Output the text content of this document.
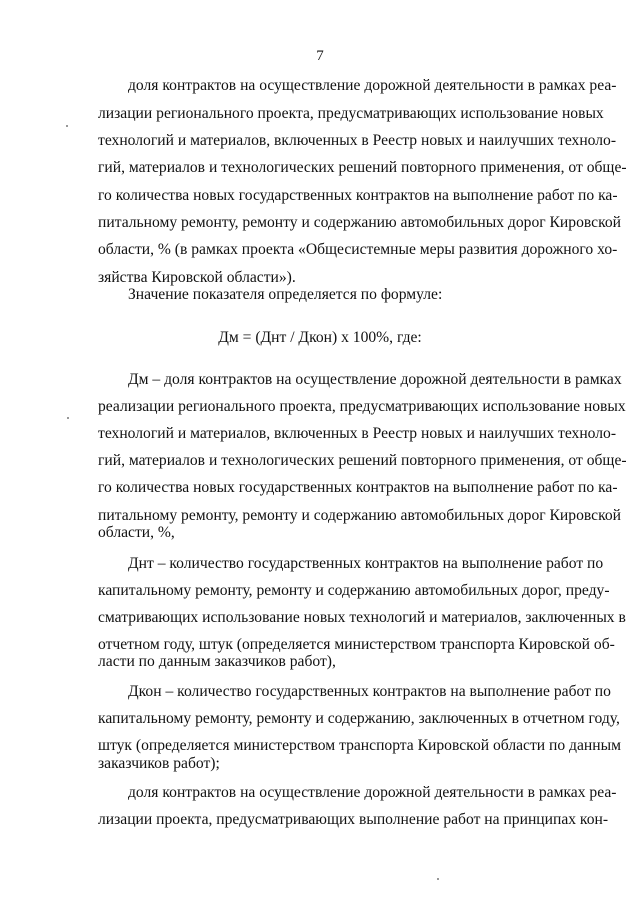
7
доля контрактов на осуществление дорожной деятельности в рамках реа-
лизации регионального проекта, предусматривающих использование новых
технологий и материалов, включенных в Реестр новых и наилучших техноло-
гий, материалов и технологических решений повторного применения, от обще-
го количества новых государственных контрактов на выполнение работ по ка-
питальному ремонту, ремонту и содержанию автомобильных дорог Кировской
области, % (в рамках проекта «Общесистемные меры развития дорожного хо-
зяйства Кировской области»).
Значение показателя определяется по формуле:
Дм = (Днт / Дкон) х 100%, где:
Дм – доля контрактов на осуществление дорожной деятельности в рамках
реализации регионального проекта, предусматривающих использование новых
технологий и материалов, включенных в Реестр новых и наилучших техноло-
гий, материалов и технологических решений повторного применения, от обще-
го количества новых государственных контрактов на выполнение работ по ка-
питальному ремонту, ремонту и содержанию автомобильных дорог Кировской
области, %,
Днт – количество государственных контрактов на выполнение работ по
капитальному ремонту, ремонту и содержанию автомобильных дорог, преду-
сматривающих использование новых технологий и материалов, заключенных в
отчетном году, штук (определяется министерством транспорта Кировской об-
ласти по данным заказчиков работ),
Дкон – количество государственных контрактов на выполнение работ по
капитальному ремонту, ремонту и содержанию, заключенных в отчетном году,
штук (определяется министерством транспорта Кировской области по данным
заказчиков работ);
доля контрактов на осуществление дорожной деятельности в рамках реа-
лизации проекта, предусматривающих выполнение работ на принципах кон-
